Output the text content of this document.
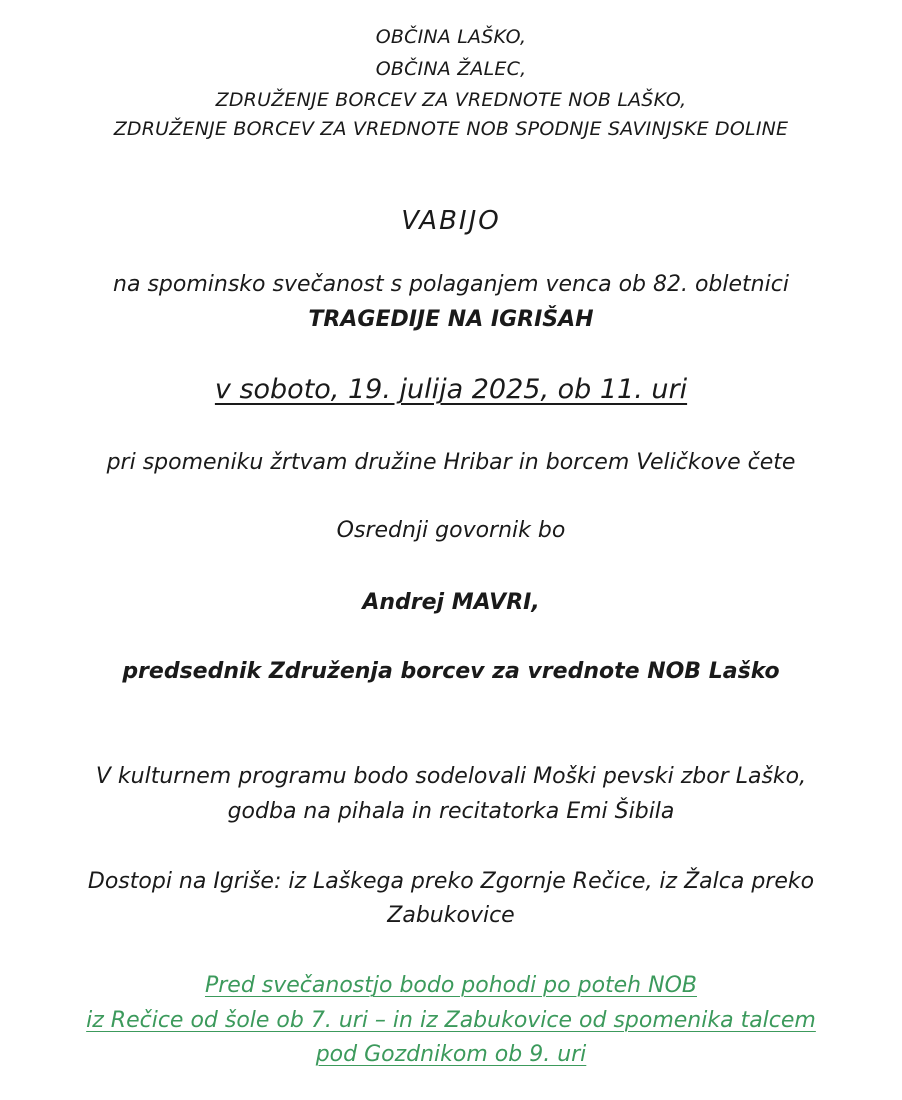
OBČINA LAŠKO,
OBČINA ŽALEC,
ZDRUŽENJE BORCEV ZA VREDNOTE NOB LAŠKO,
ZDRUŽENJE BORCEV ZA VREDNOTE NOB SPODNJE SAVINJSKE DOLINE
VABIJO
na spominsko svečanost s polaganjem venca ob 82. obletnici
TRAGEDIJE NA IGRIŠAH
v soboto, 19. julija 2025, ob 11. uri
pri spomeniku žrtvam družine Hribar in borcem Veličkove čete
Osrednji govornik bo
Andrej MAVRI,
predsednik Združenja borcev za vrednote NOB Laško
V kulturnem programu bodo sodelovali Moški pevski zbor Laško,
godba na pihala in recitatorka Emi Šibila
Dostopi na Igriše: iz Laškega preko Zgornje Rečice, iz Žalca preko
Zabukovice
Pred svečanostjo bodo pohodi po poteh NOB
iz Rečice od šole ob 7. uri – in iz Zabukovice od spomenika talcem
pod Gozdnikom ob 9. uri
